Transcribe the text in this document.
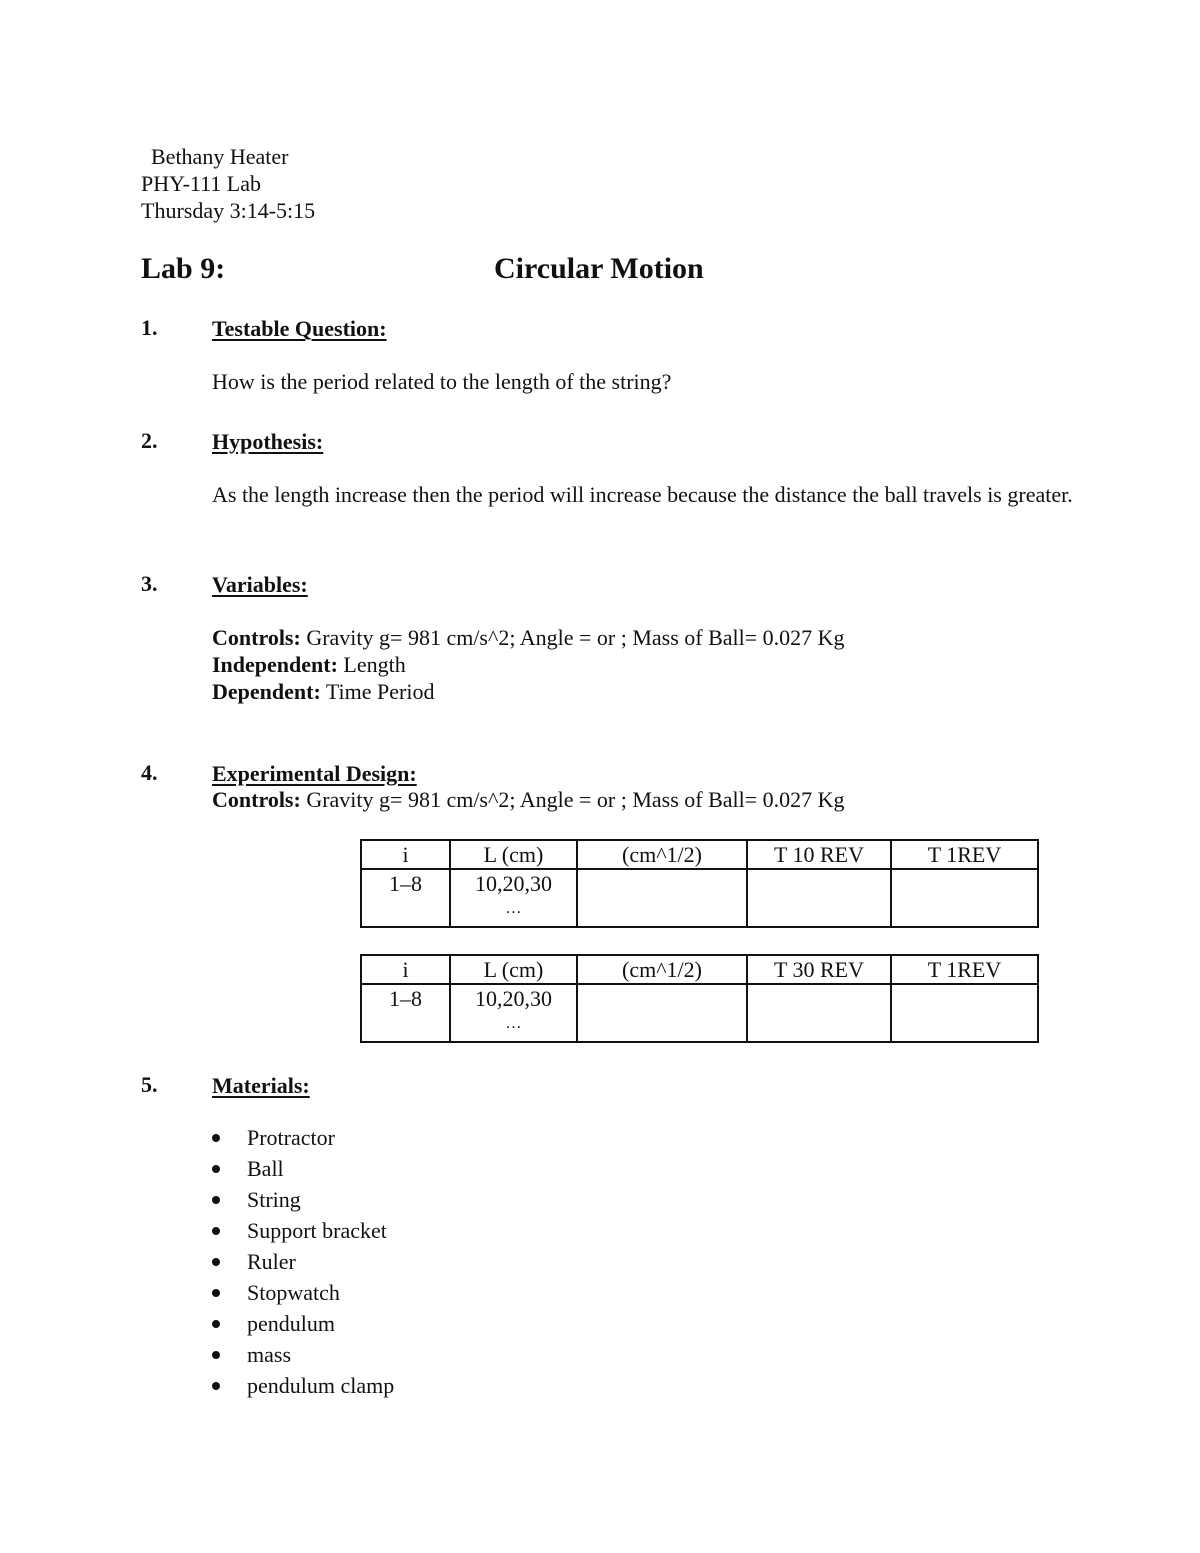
Bethany Heater
PHY-111 Lab
Thursday 3:14-5:15
Lab 9:	Circular Motion
1. Testable Question:
How is the period related to the length of the string?
2. Hypothesis:
As the length increase then the period will increase because the distance the ball travels is greater.
3. Variables:
Controls: Gravity g= 981 cm/s^2; Angle = or ; Mass of Ball= 0.027 Kg
Independent: Length
Dependent: Time Period
4. Experimental Design:
Controls: Gravity g= 981 cm/s^2; Angle = or ; Mass of Ball= 0.027 Kg
i	L (cm)	(cm^1/2)	T 10 REV	T 1REV
1–8	10,20,30
…			

i	L (cm)	(cm^1/2)	T 30 REV	T 1REV
1–8	10,20,30
…			

5. Materials:
Protractor
Ball
String
Support bracket
Ruler
Stopwatch
pendulum
mass
pendulum clamp
